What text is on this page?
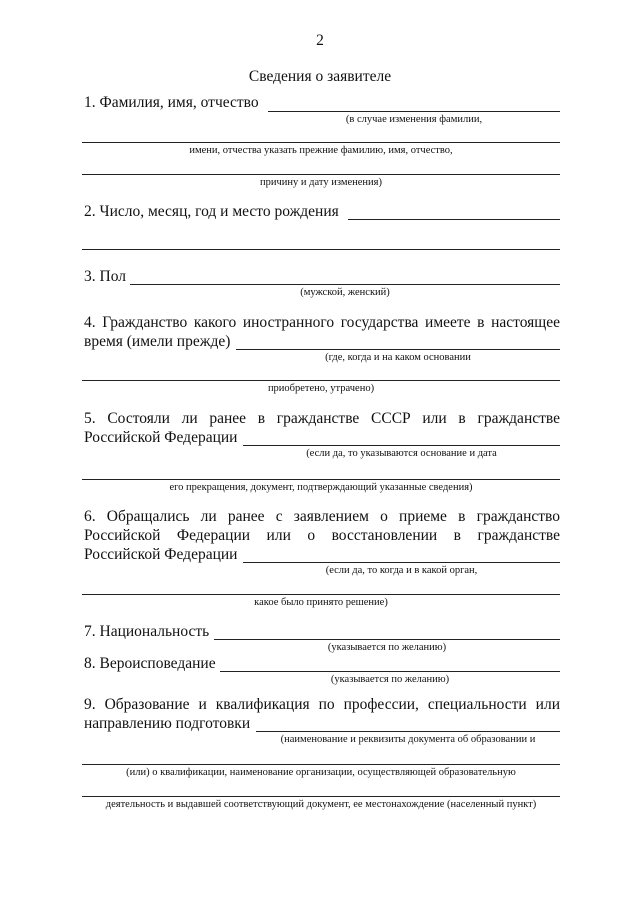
2
Сведения о заявителе
1. Фамилия, имя, отчество
(в случае изменения фамилии,
имени, отчества указать прежние фамилию, имя, отчество,
причину и дату изменения)
2. Число, месяц, год и место рождения
3. Пол
(мужской, женский)
4. Гражданство какого иностранного государства имеете в настоящее
время (имели прежде)
(где, когда и на каком основании
приобретено, утрачено)
5. Состояли ли ранее в гражданстве СССР или в гражданстве
Российской Федерации
(если да, то указываются основание и дата
его прекращения, документ, подтверждающий указанные сведения)
6. Обращались ли ранее с заявлением о приеме в гражданство
Российской Федерации или о восстановлении в гражданстве
Российской Федерации
(если да, то когда и в какой орган,
какое было принято решение)
7. Национальность
(указывается по желанию)
8. Вероисповедание
(указывается по желанию)
9. Образование и квалификация по профессии, специальности или
направлению подготовки
(наименование и реквизиты документа об образовании и
(или) о квалификации, наименование организации, осуществляющей образовательную
деятельность и выдавшей соответствующий документ, ее местонахождение (населенный пункт)
